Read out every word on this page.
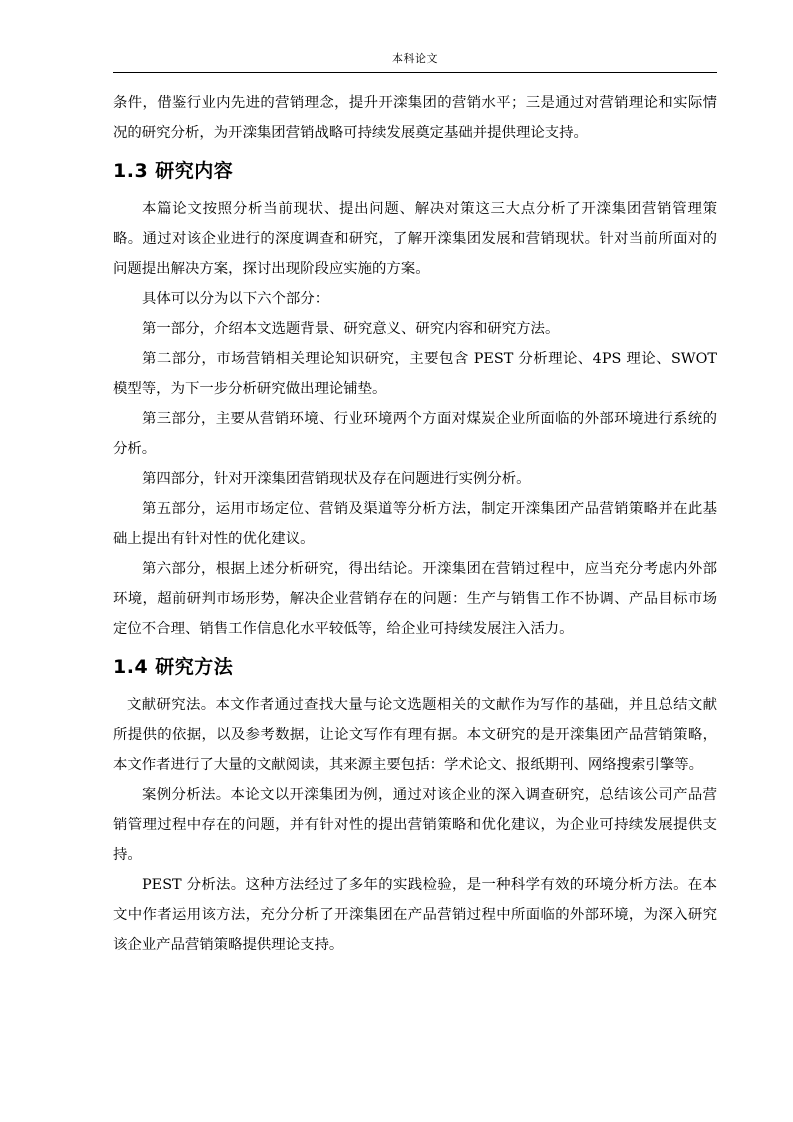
本科论文

条件，借鉴行业内先进的营销理念，提升开滦集团的营销水平；三是通过对营销理论和实际情况的研究分析，为开滦集团营销战略可持续发展奠定基础并提供理论支持。

1.3 研究内容

本篇论文按照分析当前现状、提出问题、解决对策这三大点分析了开滦集团营销管理策略。通过对该企业进行的深度调查和研究，了解开滦集团发展和营销现状。针对当前所面对的问题提出解决方案，探讨出现阶段应实施的方案。

具体可以分为以下六个部分：

第一部分，介绍本文选题背景、研究意义、研究内容和研究方法。

第二部分，市场营销相关理论知识研究，主要包含 PEST 分析理论、4PS 理论、SWOT 模型等，为下一步分析研究做出理论铺垫。

第三部分，主要从营销环境、行业环境两个方面对煤炭企业所面临的外部环境进行系统的分析。

第四部分，针对开滦集团营销现状及存在问题进行实例分析。

第五部分，运用市场定位、营销及渠道等分析方法，制定开滦集团产品营销策略并在此基础上提出有针对性的优化建议。

第六部分，根据上述分析研究，得出结论。开滦集团在营销过程中，应当充分考虑内外部环境，超前研判市场形势，解决企业营销存在的问题：生产与销售工作不协调、产品目标市场定位不合理、销售工作信息化水平较低等，给企业可持续发展注入活力。

1.4 研究方法

文献研究法。本文作者通过查找大量与论文选题相关的文献作为写作的基础，并且总结文献所提供的依据，以及参考数据，让论文写作有理有据。本文研究的是开滦集团产品营销策略，本文作者进行了大量的文献阅读，其来源主要包括：学术论文、报纸期刊、网络搜索引擎等。

案例分析法。本论文以开滦集团为例，通过对该企业的深入调查研究，总结该公司产品营销管理过程中存在的问题，并有针对性的提出营销策略和优化建议，为企业可持续发展提供支持。

PEST 分析法。这种方法经过了多年的实践检验，是一种科学有效的环境分析方法。在本文中作者运用该方法，充分分析了开滦集团在产品营销过程中所面临的外部环境，为深入研究该企业产品营销策略提供理论支持。
